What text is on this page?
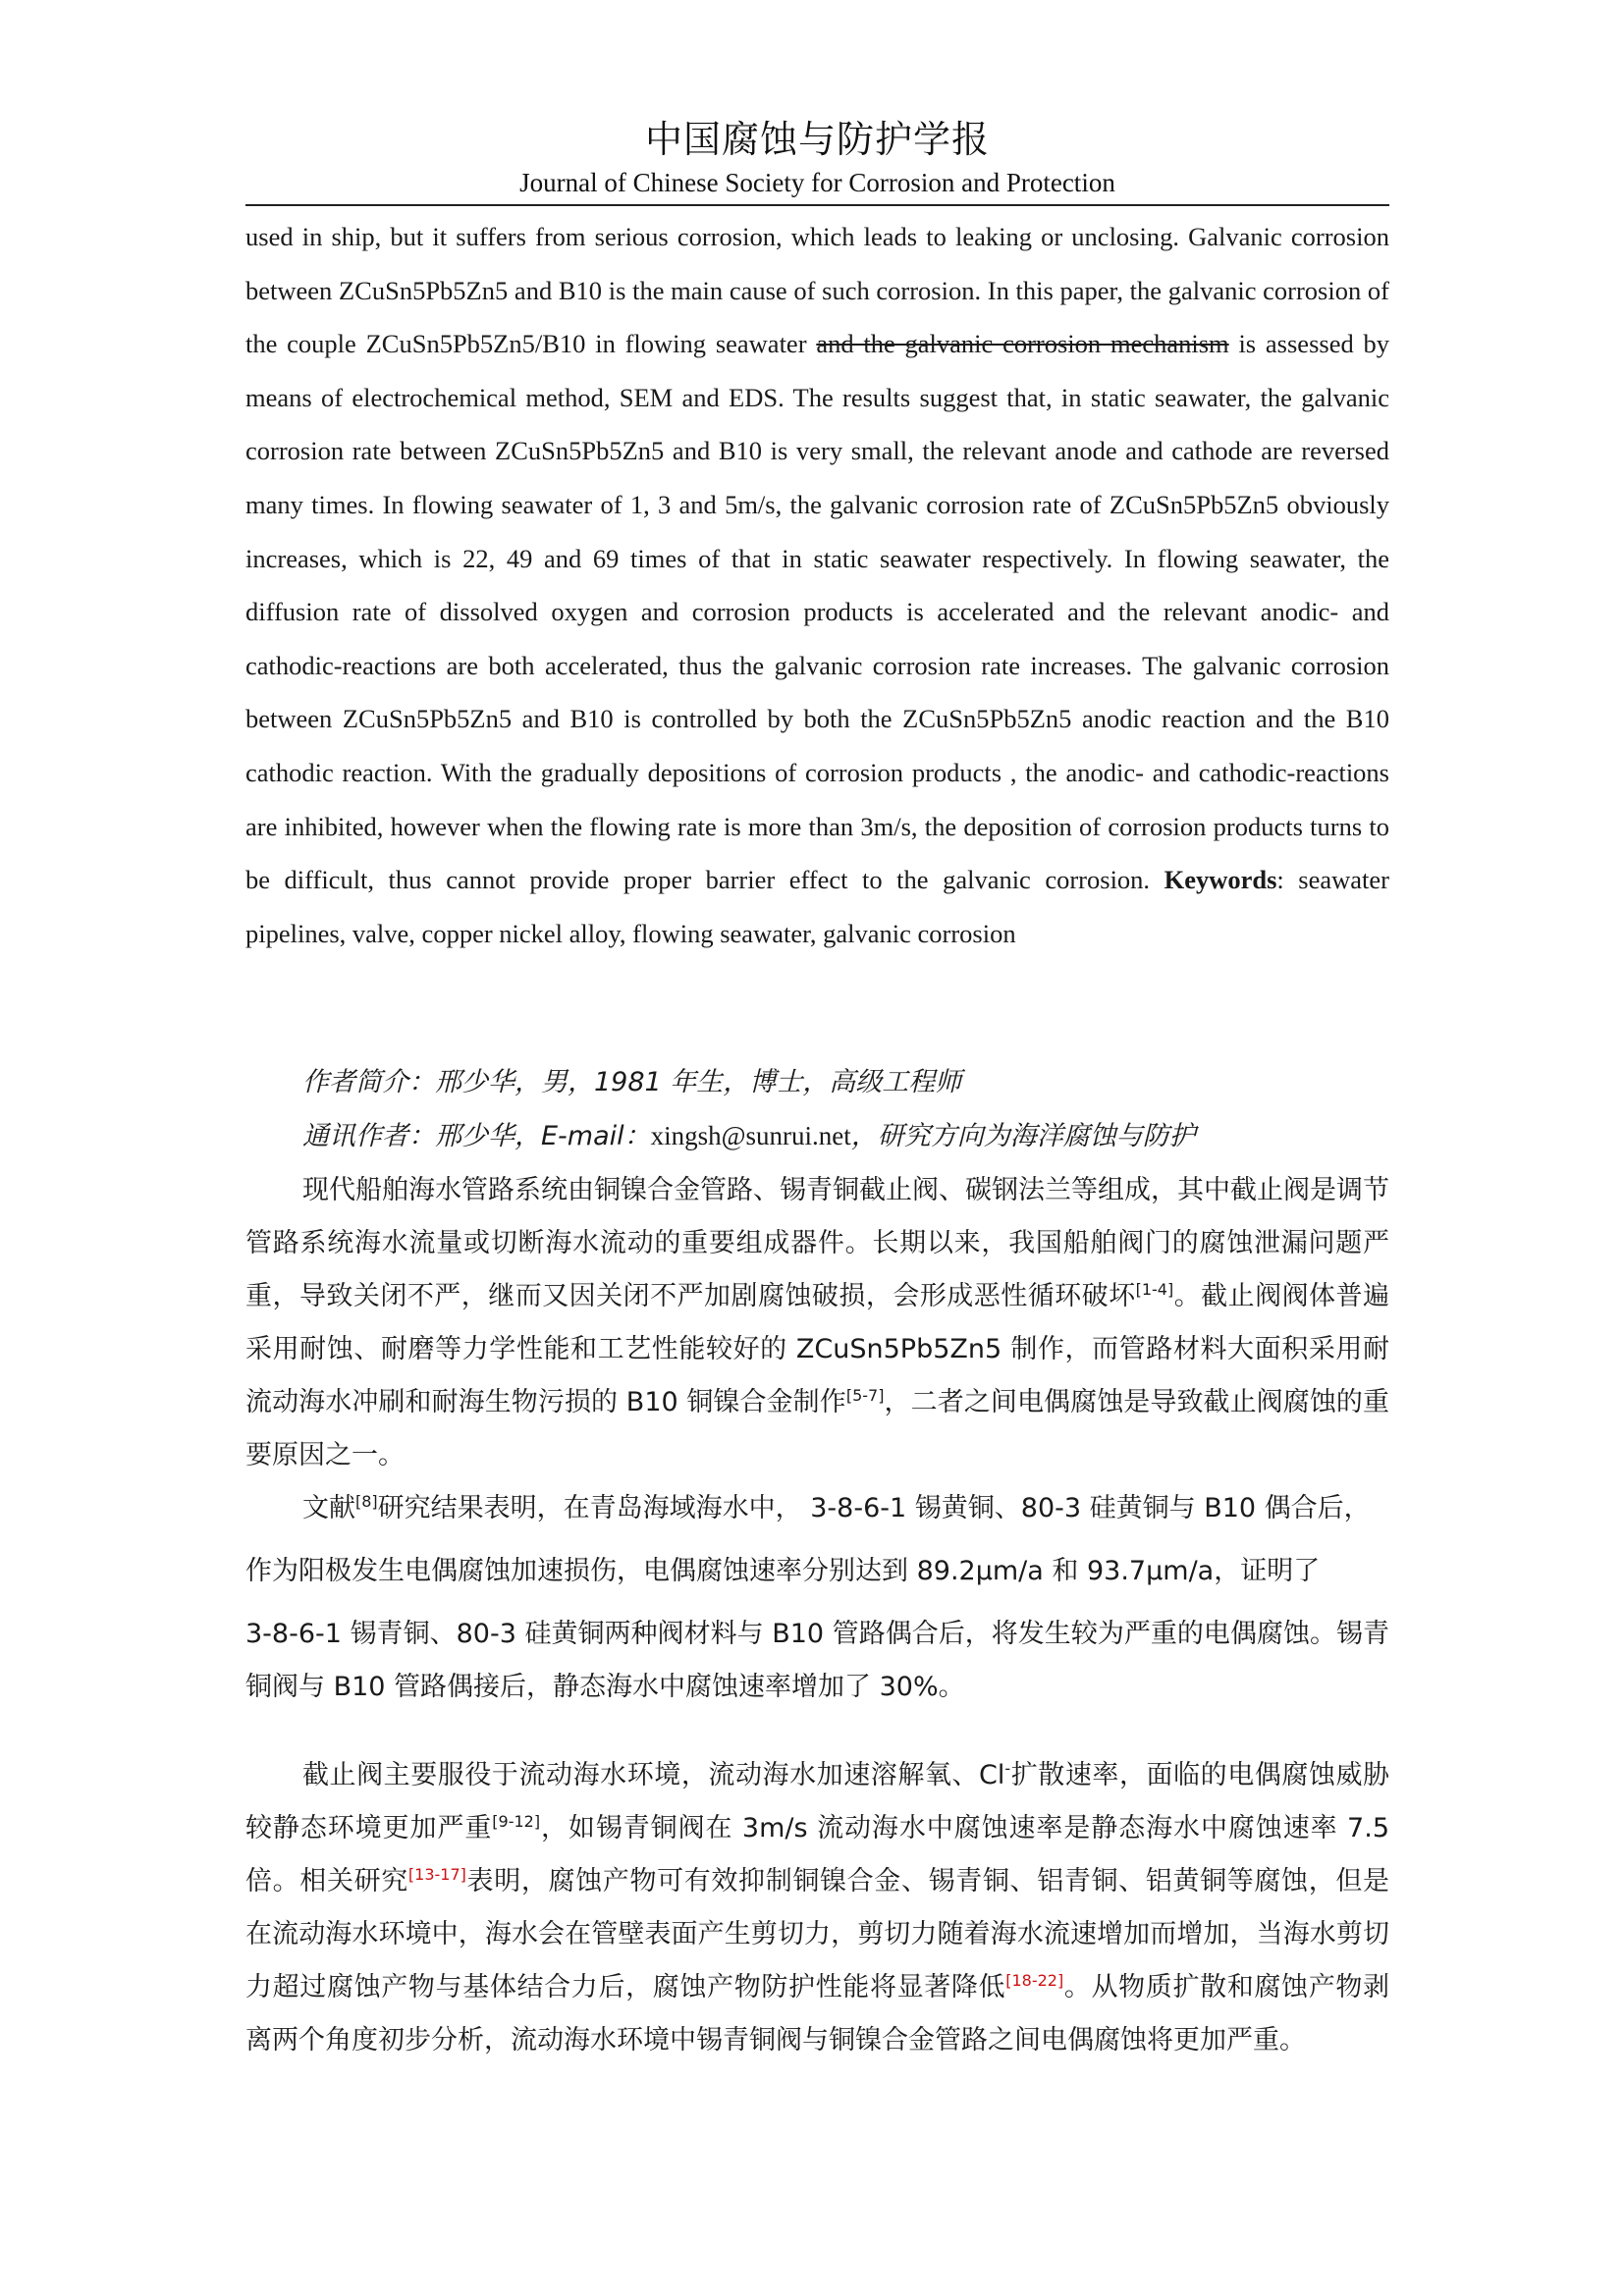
中国腐蚀与防护学报
Journal of Chinese Society for Corrosion and Protection
used in ship, but it suffers from serious corrosion, which leads to leaking or unclosing. Galvanic corrosion between ZCuSn5Pb5Zn5 and B10 is the main cause of such corrosion. In this paper, the galvanic corrosion of the couple ZCuSn5Pb5Zn5/B10 in flowing seawater and the galvanic corrosion mechanism is assessed by means of electrochemical method, SEM and EDS. The results suggest that, in static seawater, the galvanic corrosion rate between ZCuSn5Pb5Zn5 and B10 is very small, the relevant anode and cathode are reversed many times. In flowing seawater of 1, 3 and 5m/s, the galvanic corrosion rate of ZCuSn5Pb5Zn5 obviously increases, which is 22, 49 and 69 times of that in static seawater respectively. In flowing seawater, the diffusion rate of dissolved oxygen and corrosion products is accelerated and the relevant anodic- and cathodic-reactions are both accelerated, thus the galvanic corrosion rate increases. The galvanic corrosion between ZCuSn5Pb5Zn5 and B10 is controlled by both the ZCuSn5Pb5Zn5 anodic reaction and the B10 cathodic reaction. With the gradually depositions of corrosion products , the anodic- and cathodic-reactions are inhibited, however when the flowing rate is more than 3m/s, the deposition of corrosion products turns to be difficult, thus cannot provide proper barrier effect to the galvanic corrosion. Keywords: seawater pipelines, valve, copper nickel alloy, flowing seawater, galvanic corrosion
作者简介：邢少华，男，1981 年生，博士，高级工程师
通讯作者：邢少华，E-mail：xingsh@sunrui.net，研究方向为海洋腐蚀与防护
现代船舶海水管路系统由铜镍合金管路、锡青铜截止阀、碳钢法兰等组成，其中截止阀是调节管路系统海水流量或切断海水流动的重要组成器件。长期以来，我国船舶阀门的腐蚀泄漏问题严重，导致关闭不严，继而又因关闭不严加剧腐蚀破损，会形成恶性循环破坏[1-4]。截止阀阀体普遍采用耐蚀、耐磨等力学性能和工艺性能较好的 ZCuSn5Pb5Zn5 制作，而管路材料大面积采用耐流动海水冲刷和耐海生物污损的 B10 铜镍合金制作[5-7]，二者之间电偶腐蚀是导致截止阀腐蚀的重要原因之一。
文献[8]研究结果表明，在青岛海域海水中， 3-8-6-1 锡黄铜、80-3 硅黄铜与 B10 偶合后，
作为阳极发生电偶腐蚀加速损伤，电偶腐蚀速率分别达到 89.2μm/a 和 93.7μm/a，证明了
3-8-6-1 锡青铜、80-3 硅黄铜两种阀材料与 B10 管路偶合后，将发生较为严重的电偶腐蚀。锡青铜阀与 B10 管路偶接后，静态海水中腐蚀速率增加了 30%。
截止阀主要服役于流动海水环境，流动海水加速溶解氧、Cl-扩散速率，面临的电偶腐蚀威胁较静态环境更加严重[9-12]，如锡青铜阀在 3m/s 流动海水中腐蚀速率是静态海水中腐蚀速率 7.5 倍。相关研究[13-17]表明，腐蚀产物可有效抑制铜镍合金、锡青铜、铝青铜、铝黄铜等腐蚀，但是在流动海水环境中，海水会在管壁表面产生剪切力，剪切力随着海水流速增加而增加，当海水剪切力超过腐蚀产物与基体结合力后，腐蚀产物防护性能将显著降低[18-22]。从物质扩散和腐蚀产物剥离两个角度初步分析，流动海水环境中锡青铜阀与铜镍合金管路之间电偶腐蚀将更加严重。
